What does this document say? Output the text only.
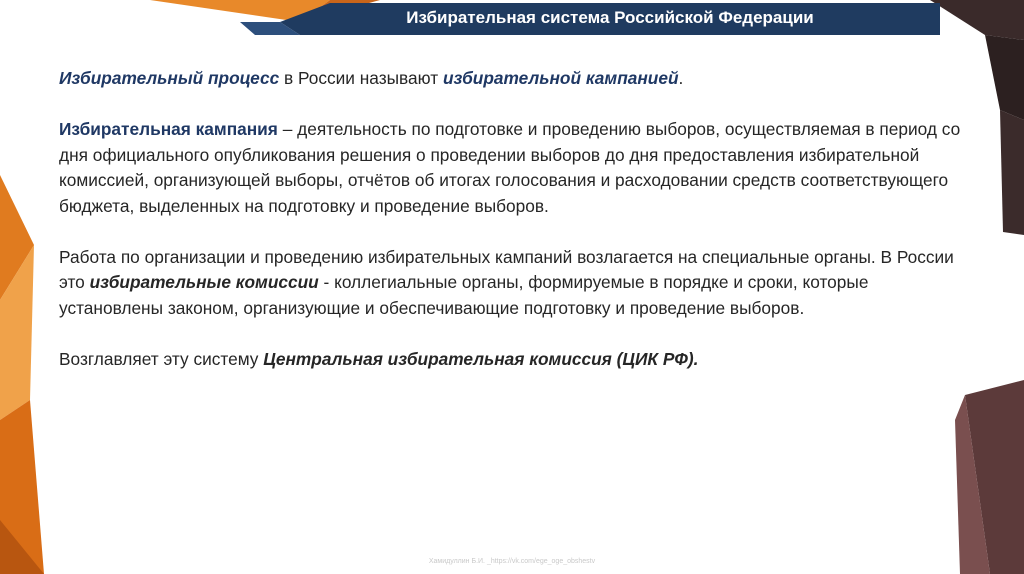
Избирательная система Российской Федерации

Избирательный процесс в России называют избирательной кампанией.

Избирательная кампания – деятельность по подготовке и проведению выборов, осуществляемая в период со дня официального опубликования решения о проведении выборов до дня предоставления избирательной комиссией, организующей выборы, отчётов об итогах голосования и расходовании средств соответствующего бюджета, выделенных на подготовку и проведение выборов.

Работа по организации и проведению избирательных кампаний возлагается на специальные органы. В России это избирательные комиссии - коллегиальные органы, формируемые в порядке и сроки, которые установлены законом, организующие и обеспечивающие подготовку и проведение выборов.

Возглавляет эту систему Центральная избирательная комиссия (ЦИК РФ).

Хамидуллин Б.И. _https://vk.com/ege_oge_obshestv
